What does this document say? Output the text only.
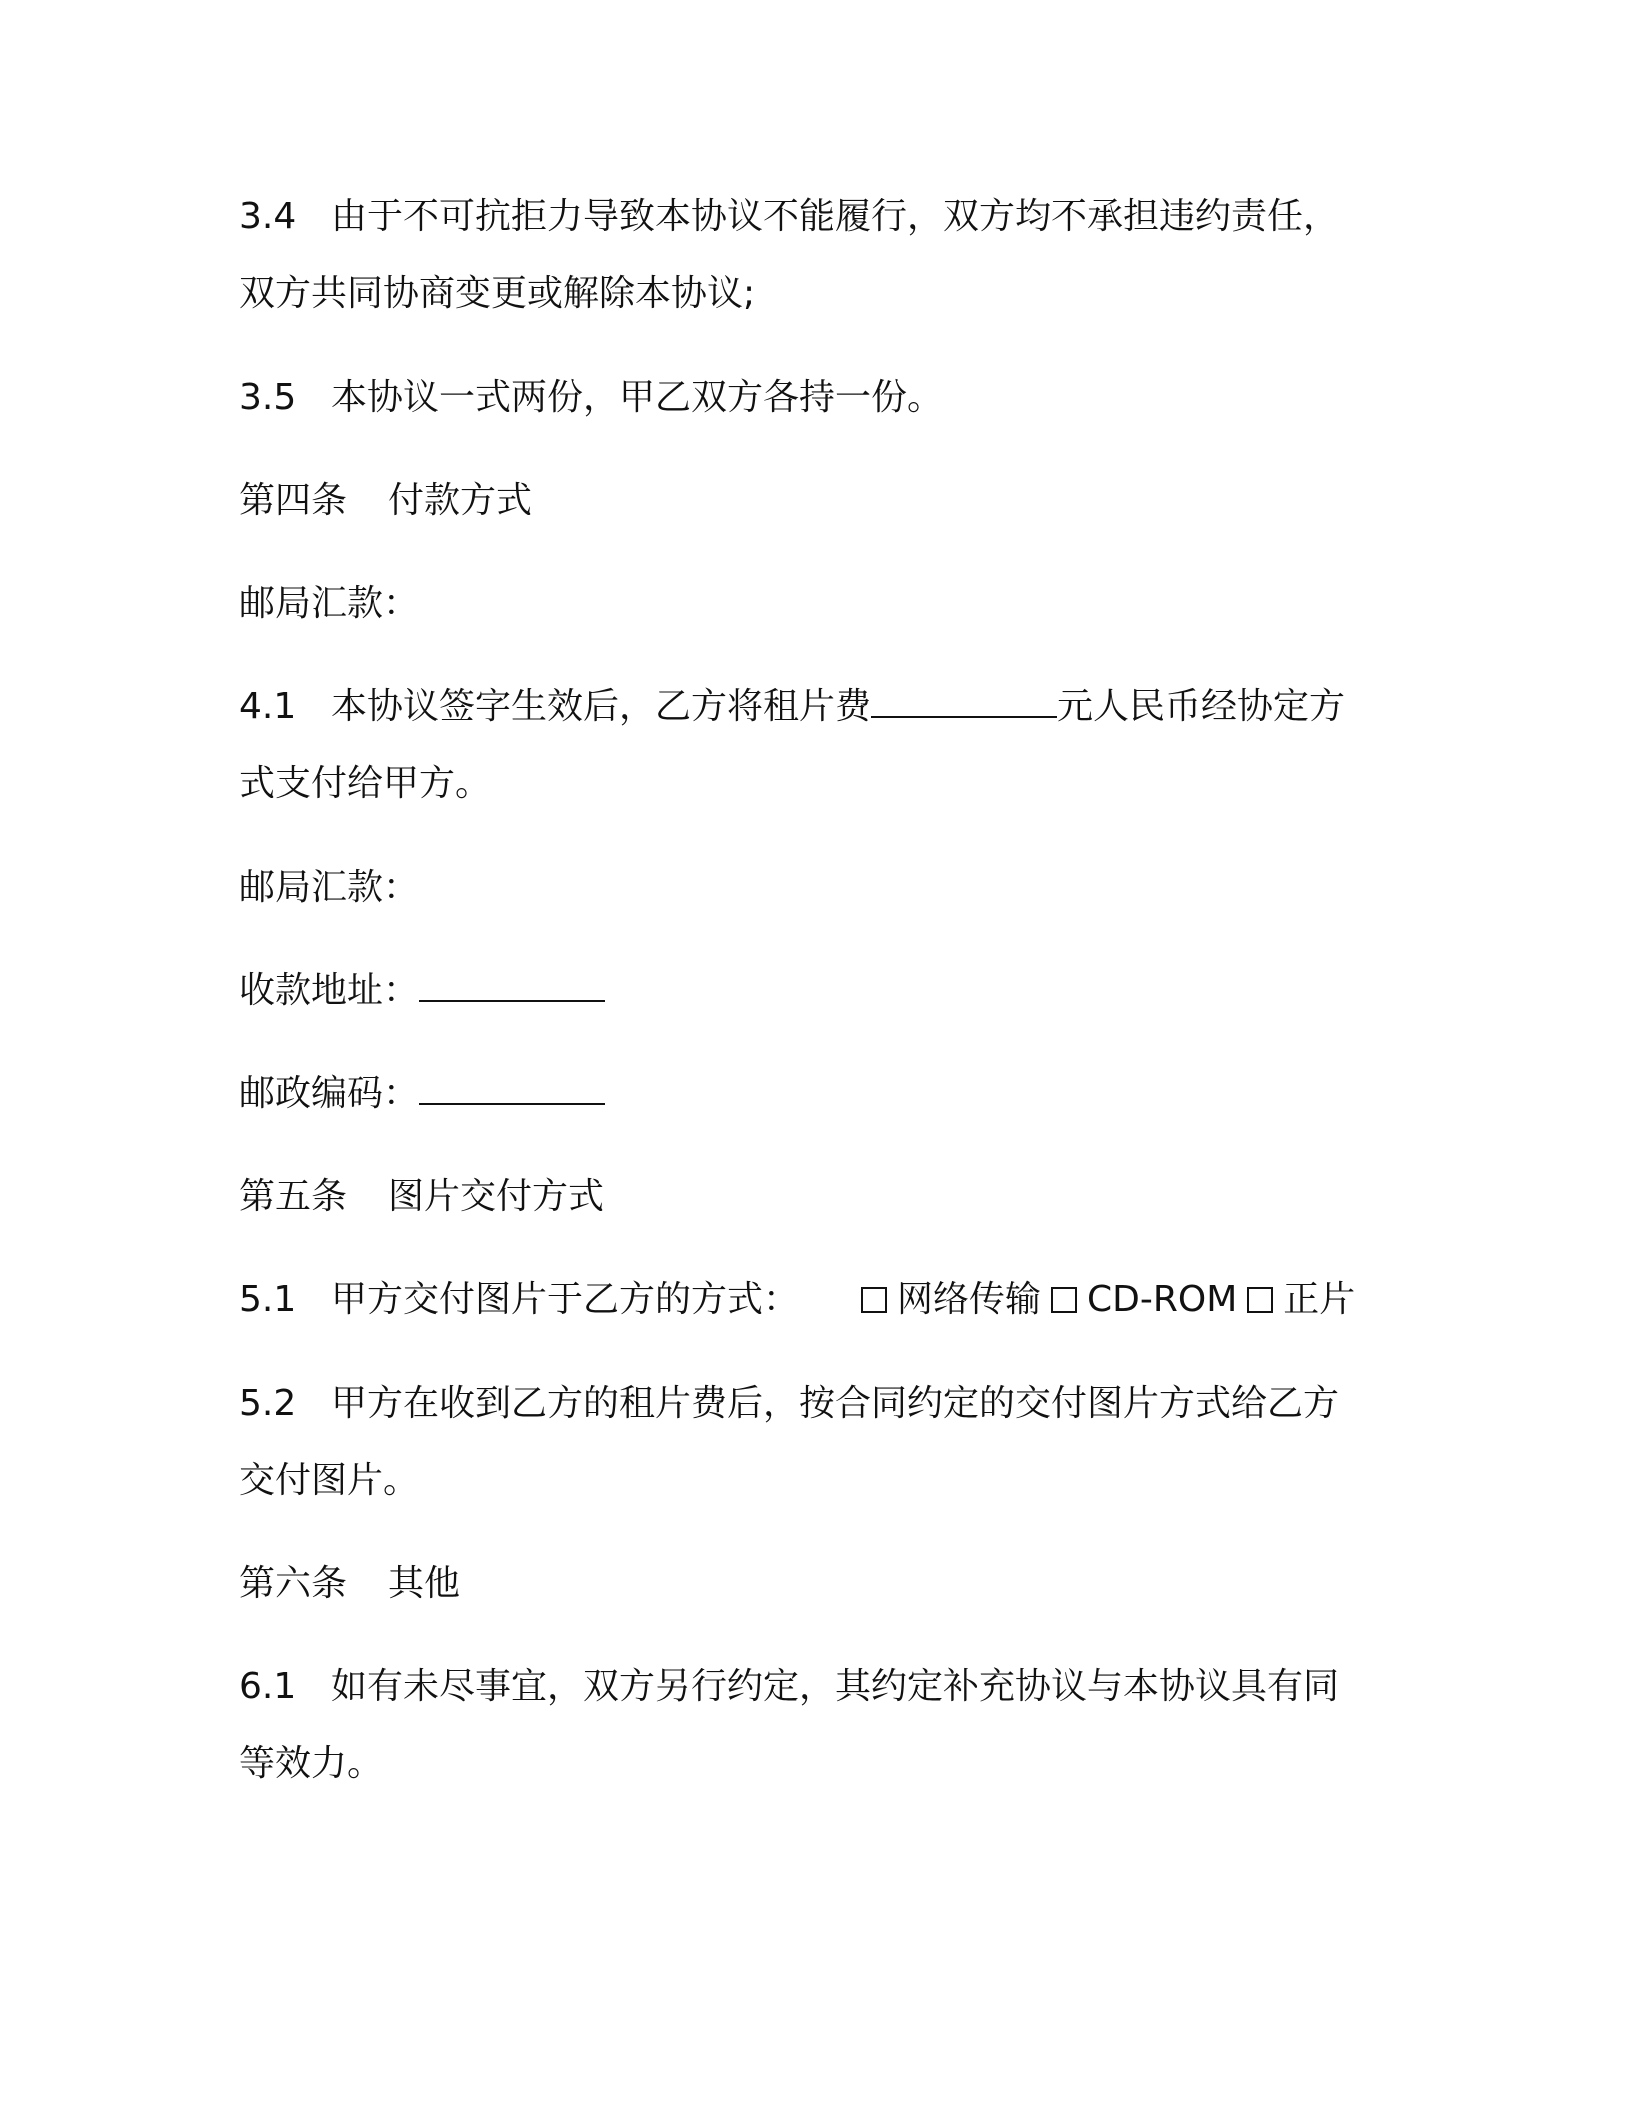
3.4 由于不可抗拒力导致本协议不能履行，双方均不承担违约责任，
双方共同协商变更或解除本协议;
3.5 本协议一式两份，甲乙双方各持一份。
第四条 付款方式
邮局汇款：
4.1 本协议签字生效后，乙方将租片费	元人民币经协定方
式支付给甲方。
邮局汇款：
收款地址：
邮政编码：
第五条 图片交付方式
5.1 甲方交付图片于乙方的方式：	网络传输 CD-ROM 正片
5.2 甲方在收到乙方的租片费后，按合同约定的交付图片方式给乙方
交付图片。
第六条 其他
6.1 如有未尽事宜，双方另行约定，其约定补充协议与本协议具有同
等效力。
